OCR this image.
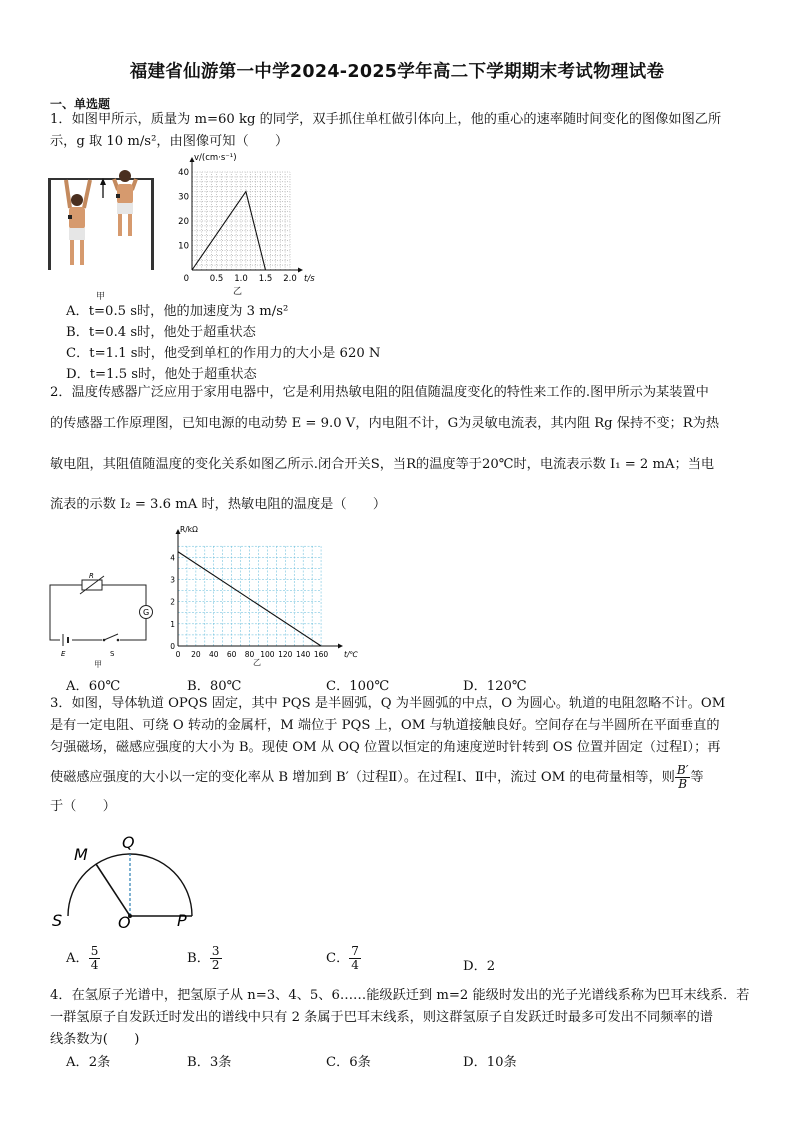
福建省仙游第一中学2024-2025学年高二下学期期末考试物理试卷
一、单选题
1．如图甲所示，质量为 m=60 kg 的同学，双手抓住单杠做引体向上，他的重心的速率随时间变化的图像如图乙所
示，g 取 10 m/s²，由图像可知（　　）
甲
0.5 1.0 1.5 2.0
10
20
30
40
0	t/s
v/(cm·s⁻¹)
乙
A．t=0.5 s时，他的加速度为 3 m/s²
B．t=0.4 s时，他处于超重状态
C．t=1.1 s时，他受到单杠的作用力的大小是 620 N
D．t=1.5 s时，他处于超重状态
2．温度传感器广泛应用于家用电器中，它是利用热敏电阻的阻值随温度变化的特性来工作的.图甲所示为某装置中
的传感器工作原理图，已知电源的电动势 E = 9.0 V，内电阻不计，G为灵敏电流表，其内阻 Rg 保持不变；R为热
敏电阻，其阻值随温度的变化关系如图乙所示.闭合开关S，当R的温度等于20℃时，电流表示数 I₁ = 2 mA；当电
流表的示数 I₂ = 3.6 mA 时，热敏电阻的温度是（　　）
R
G
E	S
甲
0 20 40 60 80 100 120 140 160
0
1
2
3
4
t/℃
R/kΩ
乙
A．60℃	B．80℃	C．100℃	D．120℃
3．如图，导体轨道 OPQS 固定，其中 PQS 是半圆弧，Q 为半圆弧的中点，O 为圆心。轨道的电阻忽略不计。OM
是有一定电阻、可绕 O 转动的金属杆，M 端位于 PQS 上，OM 与轨道接触良好。空间存在与半圆所在平面垂直的
匀强磁场，磁感应强度的大小为 B。现使 OM 从 OQ 位置以恒定的角速度逆时针转到 OS 位置并固定（过程Ⅰ）；再
使磁感应强度的大小以一定的变化率从 B 增加到 B′（过程Ⅱ）。在过程Ⅰ、Ⅱ中，流过 OM 的电荷量相等，则 $\frac{B'}{B}$ 等
于（　　）
M
Q
S	O	P
A． $\frac{5}{4}$	B． $\frac{3}{2}$	C． $\frac{7}{4}$	D．2
4．在氢原子光谱中，把氢原子从 n=3、4、5、6……能级跃迁到 m=2 能级时发出的光子光谱线系称为巴耳末线系．若
一群氢原子自发跃迁时发出的谱线中只有 2 条属于巴耳末线系，则这群氢原子自发跃迁时最多可发出不同频率的谱
线条数为(　　)
A．2条	B．3条	C．6条	D．10条
